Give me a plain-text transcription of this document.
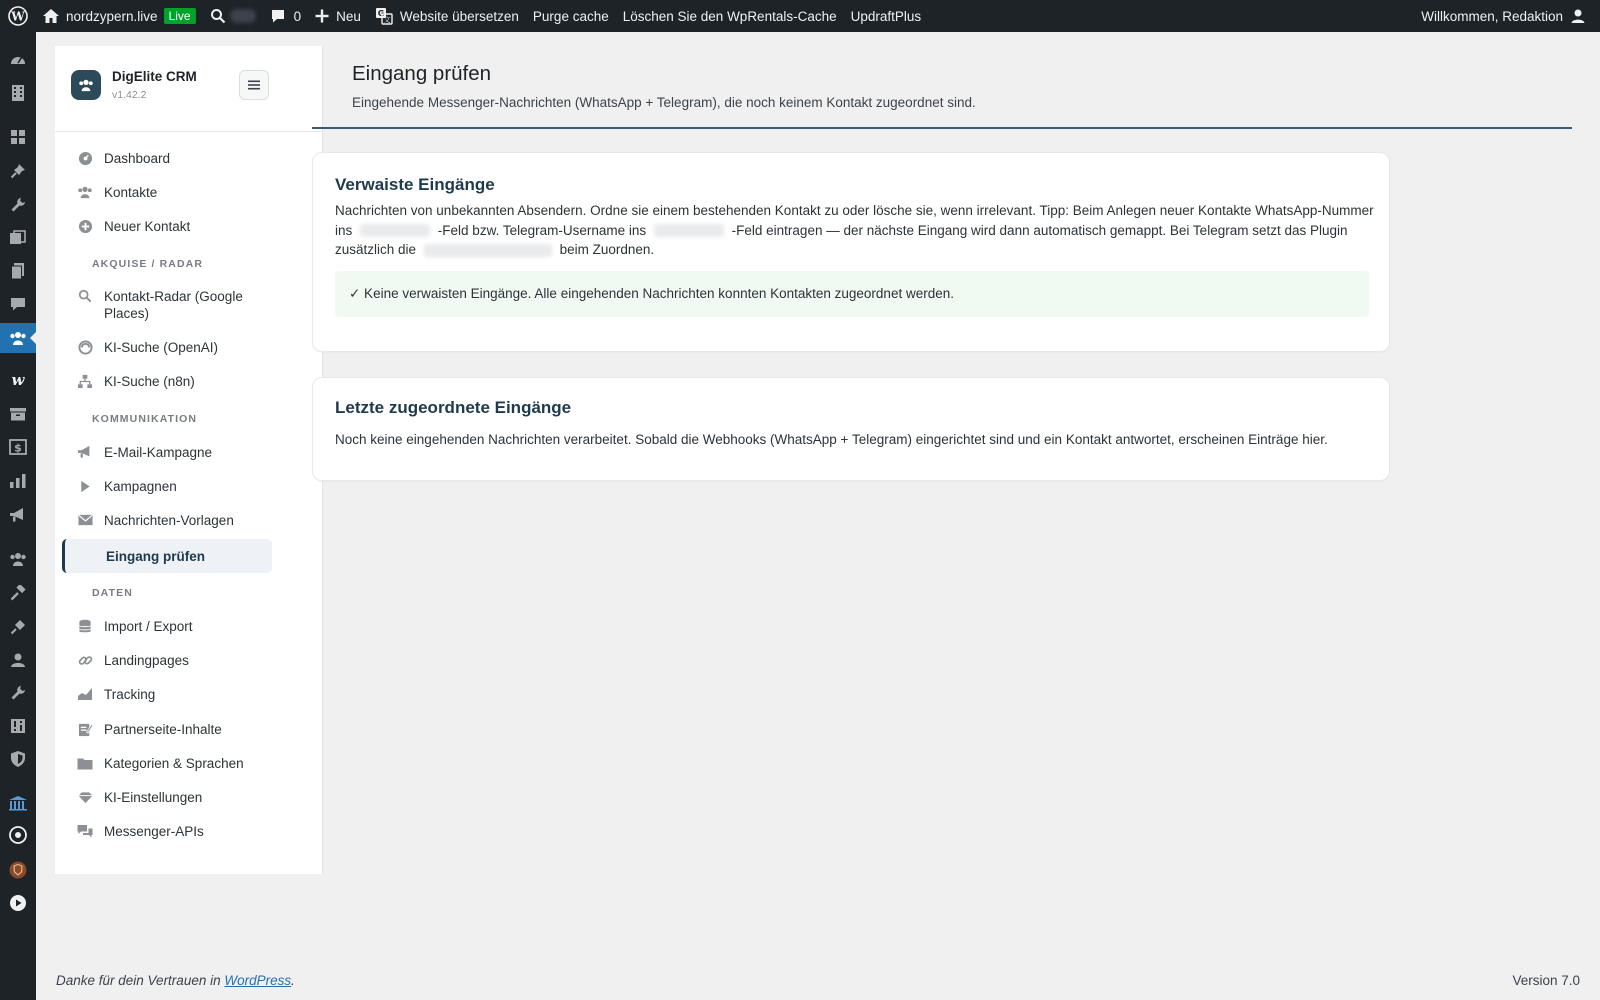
W	nordzypern.live Live	0	Neu G
文 Website übersetzen	Purge cache	Löschen Sie den WpRentals-Cache	UpdraftPlus	Willkommen, Redaktion
w
$
DigElite CRM
v1.42.2
Dashboard
Kontakte
Neuer Kontakt
AKQUISE / RADAR
Kontakt-Radar (Google Places)
KI-Suche (OpenAI)
KI-Suche (n8n)
KOMMUNIKATION
E-Mail-Kampagne
Kampagnen
Nachrichten-Vorlagen
Eingang prüfen
DATEN
Import / Export
Landingpages
Tracking
Partnerseite-Inhalte
Kategorien & Sprachen
KI-Einstellungen
Messenger-APIs
Eingang prüfen
Eingehende Messenger-Nachrichten (WhatsApp + Telegram), die noch keinem Kontakt zugeordnet sind.
Verwaiste Eingänge
Nachrichten von unbekannten Absendern. Ordne sie einem bestehenden Kontakt zu oder lösche sie, wenn irrelevant. Tipp: Beim Anlegen neuer Kontakte WhatsApp-Nummer ins	-Feld bzw. Telegram-Username ins	-Feld eintragen — der nächste Eingang wird dann automatisch gemappt. Bei Telegram setzt das Plugin zusätzlich die	beim Zuordnen.
✓ Keine verwaisten Eingänge. Alle eingehenden Nachrichten konnten Kontakten zugeordnet werden.
Letzte zugeordnete Eingänge
Noch keine eingehenden Nachrichten verarbeitet. Sobald die Webhooks (WhatsApp + Telegram) eingerichtet sind und ein Kontakt antwortet, erscheinen Einträge hier.
Danke für dein Vertrauen in WordPress.	Version 7.0
